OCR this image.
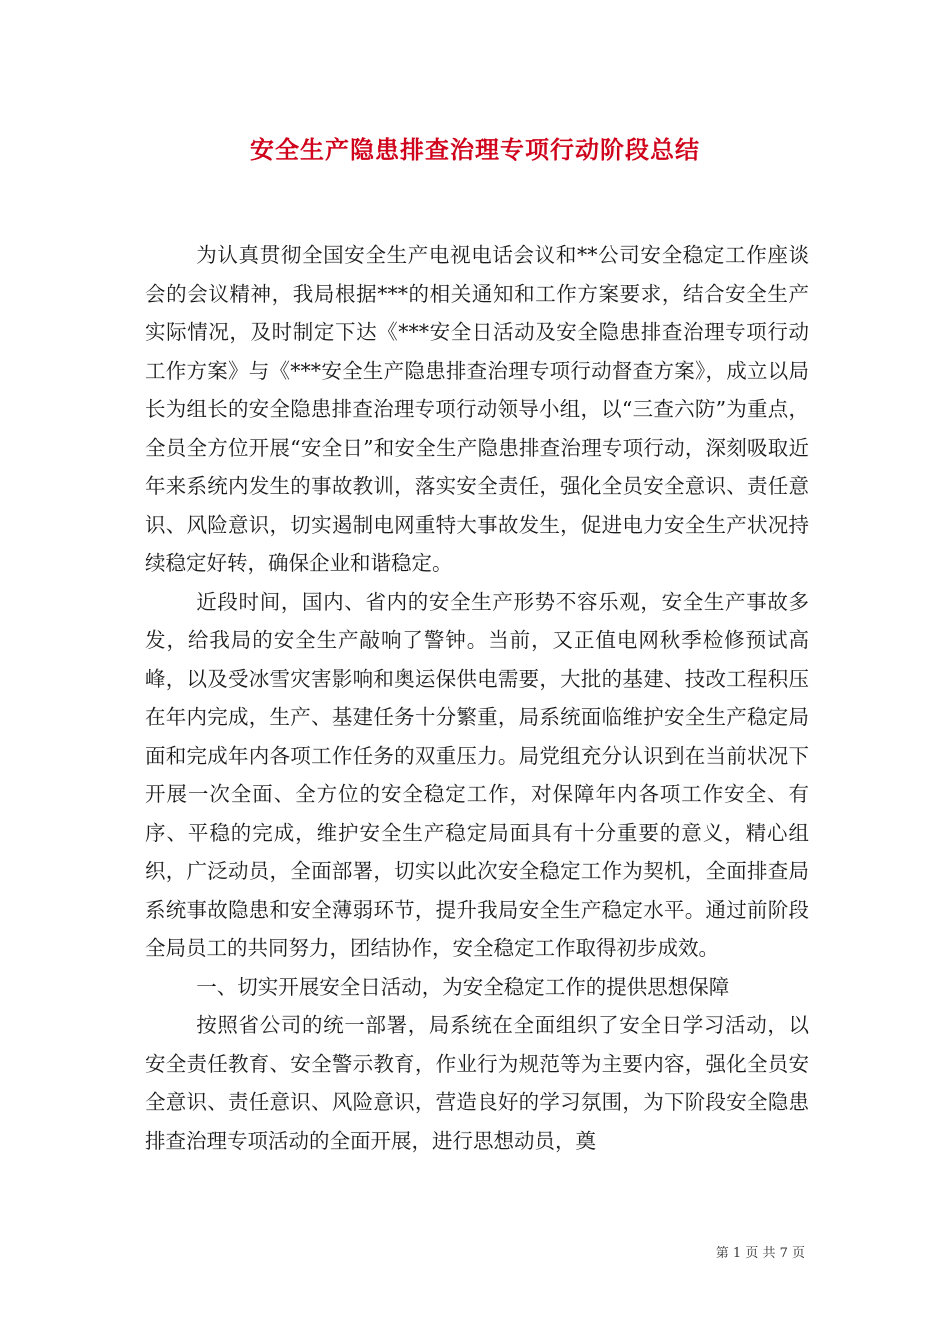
安全生产隐患排查治理专项行动阶段总结

为认真贯彻全国安全生产电视电话会议和**公司安全稳定工作座谈会的会议精神，我局根据***的相关通知和工作方案要求，结合安全生产实际情况，及时制定下达《***安全日活动及安全隐患排查治理专项行动工作方案》与《***安全生产隐患排查治理专项行动督查方案》，成立以局长为组长的安全隐患排查治理专项行动领导小组，以“三查六防”为重点，全员全方位开展“安全日”和安全生产隐患排查治理专项行动，深刻吸取近年来系统内发生的事故教训，落实安全责任，强化全员安全意识、责任意识、风险意识，切实遏制电网重特大事故发生，促进电力安全生产状况持续稳定好转，确保企业和谐稳定。

近段时间，国内、省内的安全生产形势不容乐观，安全生产事故多发，给我局的安全生产敲响了警钟。当前，又正值电网秋季检修预试高峰，以及受冰雪灾害影响和奥运保供电需要，大批的基建、技改工程积压在年内完成，生产、基建任务十分繁重，局系统面临维护安全生产稳定局面和完成年内各项工作任务的双重压力。局党组充分认识到在当前状况下开展一次全面、全方位的安全稳定工作，对保障年内各项工作安全、有序、平稳的完成，维护安全生产稳定局面具有十分重要的意义，精心组织，广泛动员，全面部署，切实以此次安全稳定工作为契机，全面排查局系统事故隐患和安全薄弱环节，提升我局安全生产稳定水平。通过前阶段全局员工的共同努力，团结协作，安全稳定工作取得初步成效。

一、切实开展安全日活动，为安全稳定工作的提供思想保障

按照省公司的统一部署，局系统在全面组织了安全日学习活动，以安全责任教育、安全警示教育，作业行为规范等为主要内容，强化全员安全意识、责任意识、风险意识，营造良好的学习氛围，为下阶段安全隐患排查治理专项活动的全面开展，进行思想动员，奠

第 1 页 共 7 页
